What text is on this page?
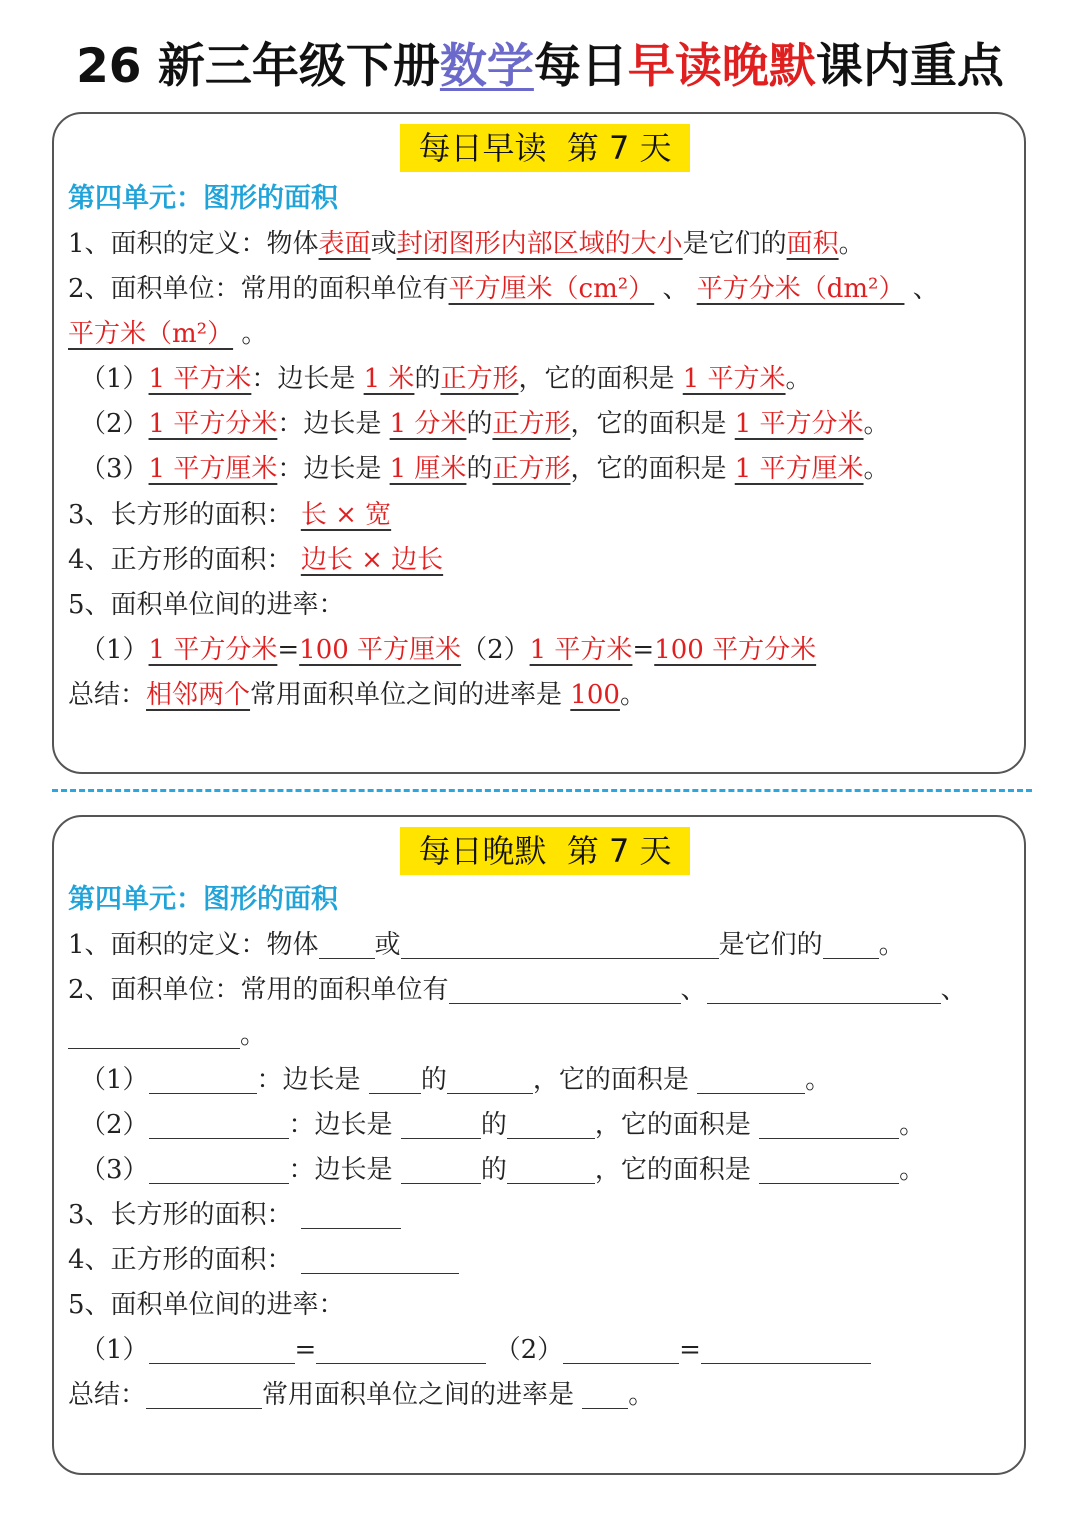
26 新三年级下册数学每日早读晚默课内重点
每日早读  第 7 天
第四单元：图形的面积
1、面积的定义：物体表面或封闭图形内部区域的大小是它们的面积。
2、面积单位：常用的面积单位有平方厘米（cm²） 、 平方分米（dm²） 、
平方米（m²） 。
（1）1 平方米：边长是 1 米的正方形，它的面积是 1 平方米。
（2）1 平方分米：边长是 1 分米的正方形，它的面积是 1 平方分米。
（3）1 平方厘米：边长是 1 厘米的正方形，它的面积是 1 平方厘米。
3、长方形的面积： 长 × 宽
4、正方形的面积： 边长 × 边长
5、面积单位间的进率：
（1）1 平方分米=100 平方厘米（2）1 平方米=100 平方分米
总结：相邻两个常用面积单位之间的进率是 100。
每日晚默  第 7 天
第四单元：图形的面积
1、面积的定义：物体 或	是它们的 。
2、面积单位：常用的面积单位有	、	、
。
（1）	：边长是 的	，它的面积是	。
（2）	：边长是	的	，它的面积是	。
（3）	：边长是	的	，它的面积是	。
3、长方形的面积：
4、正方形的面积：
5、面积单位间的进率：
（1）	=	（2）	=
总结：	常用面积单位之间的进率是 。
